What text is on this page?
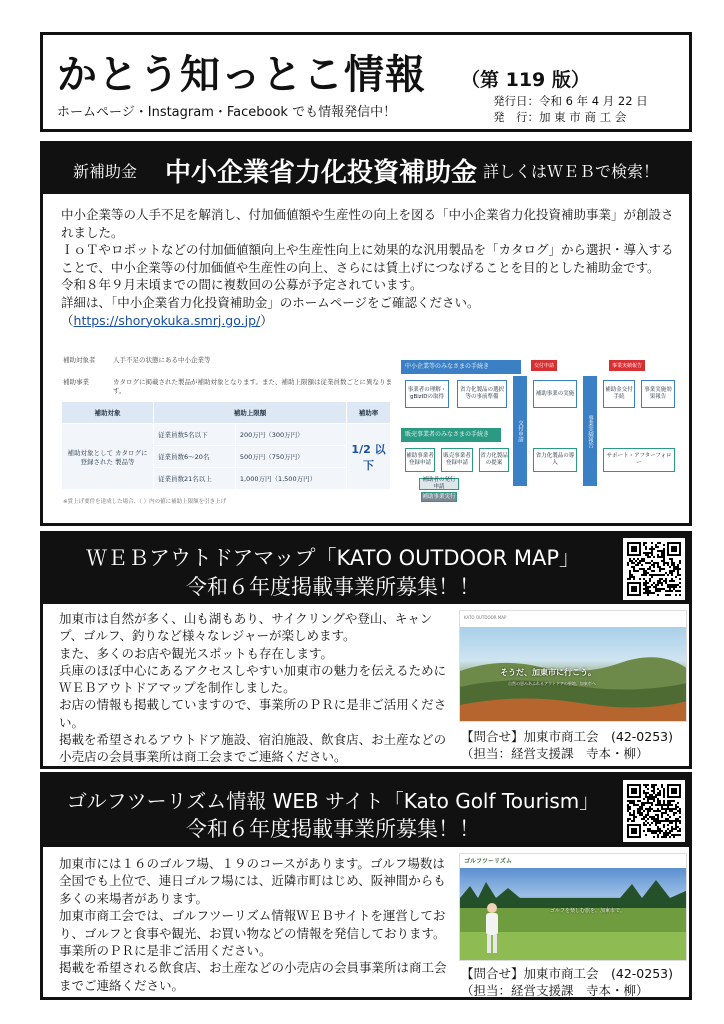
かとう知っとこ情報 （第 119 版）
ホームページ・Instagram・Facebook でも情報発信中！
発行日：令和 6 年 4 月 22 日
発　行：加 東 市 商 工 会
新補助金 中小企業省力化投資補助金 詳しくはＷＥＢで検索！

中小企業等の人手不足を解消し、付加価値額や生産性の向上を図る「中小企業省力化投資補助事業」が創設されました。

ＩｏＴやロボットなどの付加価値額向上や生産性向上に効果的な汎用製品を「カタログ」から選択・導入することで、中小企業等の付加価値や生産性の向上、さらには賃上げにつなげることを目的とした補助金です。

令和８年９月末頃までの間に複数回の公募が予定されています。

詳細は、「中小企業省力化投資補助金」のホームページをご確認ください。

（https://shoryokuka.smrj.go.jp/）

補助対象者	人手不足の状態にある中小企業等
補助事業	カタログに掲載された製品が補助対象となります。また、補助上限額は従業員数ごとに異なります。
補助対象	補助上限額		補助率
補助対象として カタログに登録された 製品等	従業員数5名以下	200万円（300万円）	1/2 以下
	従業員数6〜20名	500万円（750万円）	
	従業員数21名以上	1,000万円（1,500万円）	
※賃上げ要件を達成した場合、（ ）内の値に補助上限額を引き上げ
中小企業等のみなさまの手続き	交付申請	事業実績報告
事業者の理解・gBizIDの取得
省力化製品の選択等の事前準備
交付申請
補助事業の実施
事業実績報告
補助金交付手続
事業実施効果報告
販売事業者のみなさまの手続き
補助事業者登録申請
販売事業者登録申請
省力化製品の提案
省力化製品の導入
サポート・アフターフォロー
補助者の発行申請
補助事業実行
ＷＥＢアウトドアマップ「KATO OUTDOOR MAP」
令和６年度掲載事業所募集！！

加東市は自然が多く、山も湖もあり、サイクリングや登山、キャンプ、ゴルフ、釣りなど様々なレジャーが楽しめます。

また、多くのお店や観光スポットも存在します。

兵庫のほぼ中心にあるアクセスしやすい加東市の魅力を伝えるためにＷＥＢアウトドアマップを制作しました。

お店の情報も掲載していますので、事業所のＰＲに是非ご活用ください。

掲載を希望されるアウトドア施設、宿泊施設、飲食店、お土産などの小売店の会員事業所は商工会までご連絡ください。

KATO OUTDOOR MAP
そうだ、加東市に行こう。
自然の恵みあふれるアウトドアの聖地、加東市へ
【問合せ】加東市商工会　(42-0253)
（担当：経営支援課　寺本・柳）
ゴルフツーリズム情報 WEB サイト「Kato Golf Tourism」
令和６年度掲載事業所募集！！

加東市には１６のゴルフ場、１９のコースがあります。ゴルフ場数は全国でも上位で、連日ゴルフ場には、近隣市町はじめ、阪神間からも多くの来場者があります。

加東市商工会では、ゴルフツーリズム情報ＷＥＢサイトを運営しており、ゴルフと食事や観光、お買い物などの情報を発信しております。事業所のＰＲに是非ご活用ください。

掲載を希望される飲食店、お土産などの小売店の会員事業所は商工会までご連絡ください。

ゴルフツーリズム
ゴルフを楽しむ旅を、加東市で。
【問合せ】加東市商工会　(42-0253)
（担当：経営支援課　寺本・柳）
